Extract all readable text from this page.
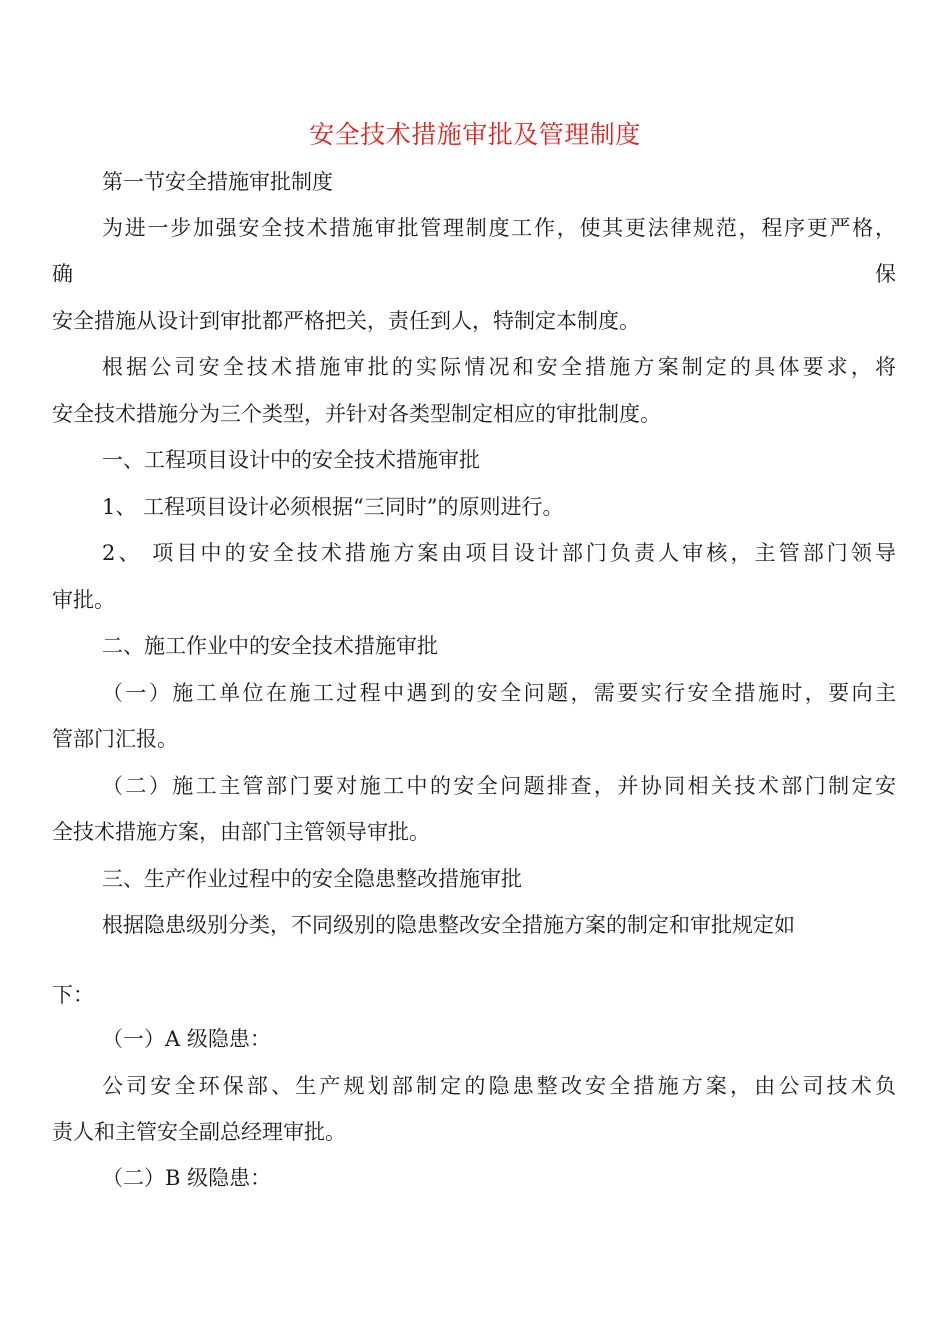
安全技术措施审批及管理制度

第一节安全措施审批制度

为进一步加强安全技术措施审批管理制度工作，使其更法律规范，程序更严格，

确	保

安全措施从设计到审批都严格把关，责任到人，特制定本制度。

根据公司安全技术措施审批的实际情况和安全措施方案制定的具体要求，将

安全技术措施分为三个类型，并针对各类型制定相应的审批制度。

一、工程项目设计中的安全技术措施审批

1、 工程项目设计必须根据“三同时”的原则进行。

2、 项目中的安全技术措施方案由项目设计部门负责人审核，主管部门领导

审批。

二、施工作业中的安全技术措施审批

（一）施工单位在施工过程中遇到的安全问题，需要实行安全措施时，要向主

管部门汇报。

（二）施工主管部门要对施工中的安全问题排查，并协同相关技术部门制定安

全技术措施方案，由部门主管领导审批。

三、生产作业过程中的安全隐患整改措施审批

根据隐患级别分类，不同级别的隐患整改安全措施方案的制定和审批规定如

下：

（一）A 级隐患：

公司安全环保部、生产规划部制定的隐患整改安全措施方案，由公司技术负

责人和主管安全副总经理审批。

（二）B 级隐患：
